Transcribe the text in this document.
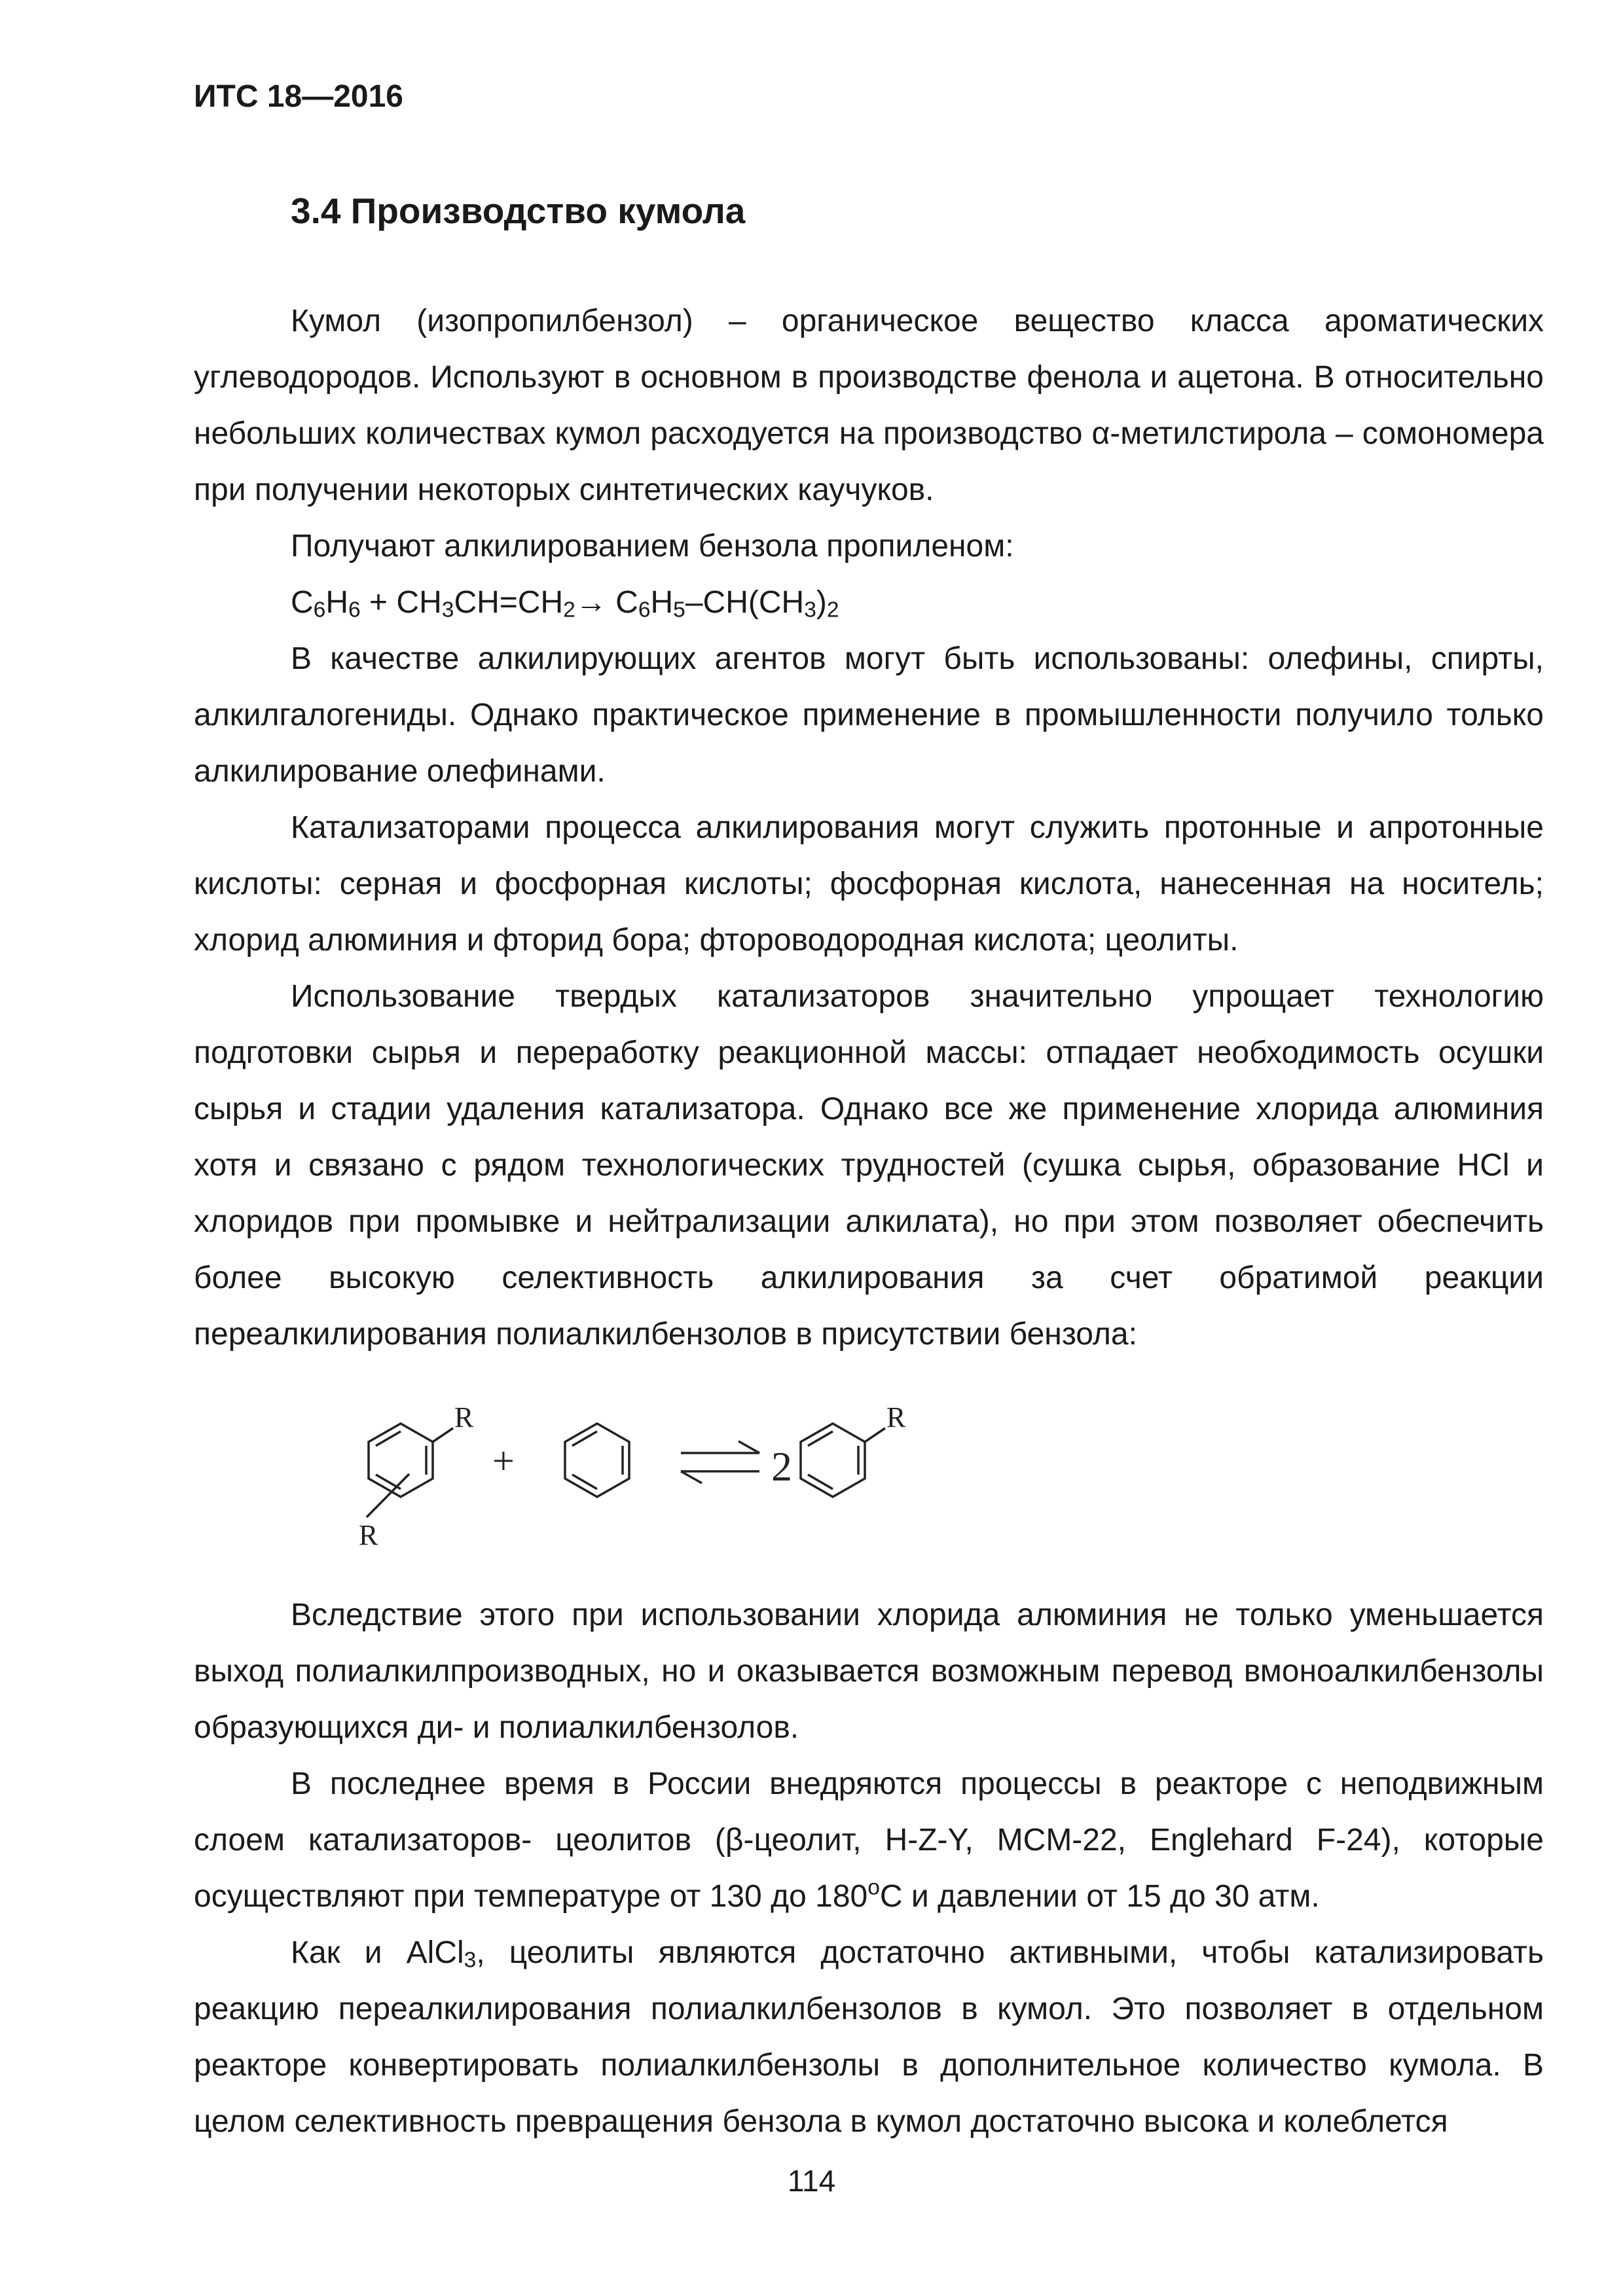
ИТС 18—2016
3.4 Производство кумола

Кумол (изопропилбензол) – органическое вещество класса ароматических углеводородов. Используют в основном в производстве фенола и ацетона. В относительно небольших количествах кумол расходуется на производство α-метилстирола – сомономера при получении некоторых синтетических каучуков.

Получают алкилированием бензола пропиленом:

$C_6H_6 + CH_3CH=CH_2\to C_6H_5-CH(CH_3)_2$

В качестве алкилирующих агентов могут быть использованы: олефины, спирты, алкилгалогениды. Однако практическое применение в промышленности получило только алкилирование олефинами.

Катализаторами процесса алкилирования могут служить протонные и апротонные кислоты: серная и фосфорная кислоты; фосфорная кислота, нанесенная на носитель; хлорид алюминия и фторид бора; фтороводородная кислота; цеолиты.

Использование твердых катализаторов значительно упрощает технологию подготовки сырья и переработку реакционной массы: отпадает необходимость осушки сырья и стадии удаления катализатора. Однако все же применение хлорида алюминия хотя и связано с рядом технологических трудностей (сушка сырья, образование HCl и хлоридов при промывке и нейтрализации алкилата), но при этом позволяет обеспечить более высокую селективность алкилирования за счет обратимой реакции переалкилирования полиалкилбензолов в присутствии бензола:

R
R
+	2
R

Вследствие этого при использовании хлорида алюминия не только уменьшается выход полиалкилпроизводных, но и оказывается возможным перевод вмоноалкилбензолы образующихся ди- и полиалкилбензолов.

В последнее время в России внедряются процессы в реакторе с неподвижным слоем катализаторов- цеолитов (β-цеолит, H-Z-Y, MCM-22, Englehard F-24), которые осуществляют при температуре от 130 до $180^оС$ и давлении от 15 до 30 атм.

Как и AlCl$_3$, цеолиты являются достаточно активными, чтобы катализировать реакцию переалкилирования полиалкилбензолов в кумол. Это позволяет в отдельном реакторе конвертировать полиалкилбензолы в дополнительное количество кумола. В целом селективность превращения бензола в кумол достаточно высока и колеблется

114
